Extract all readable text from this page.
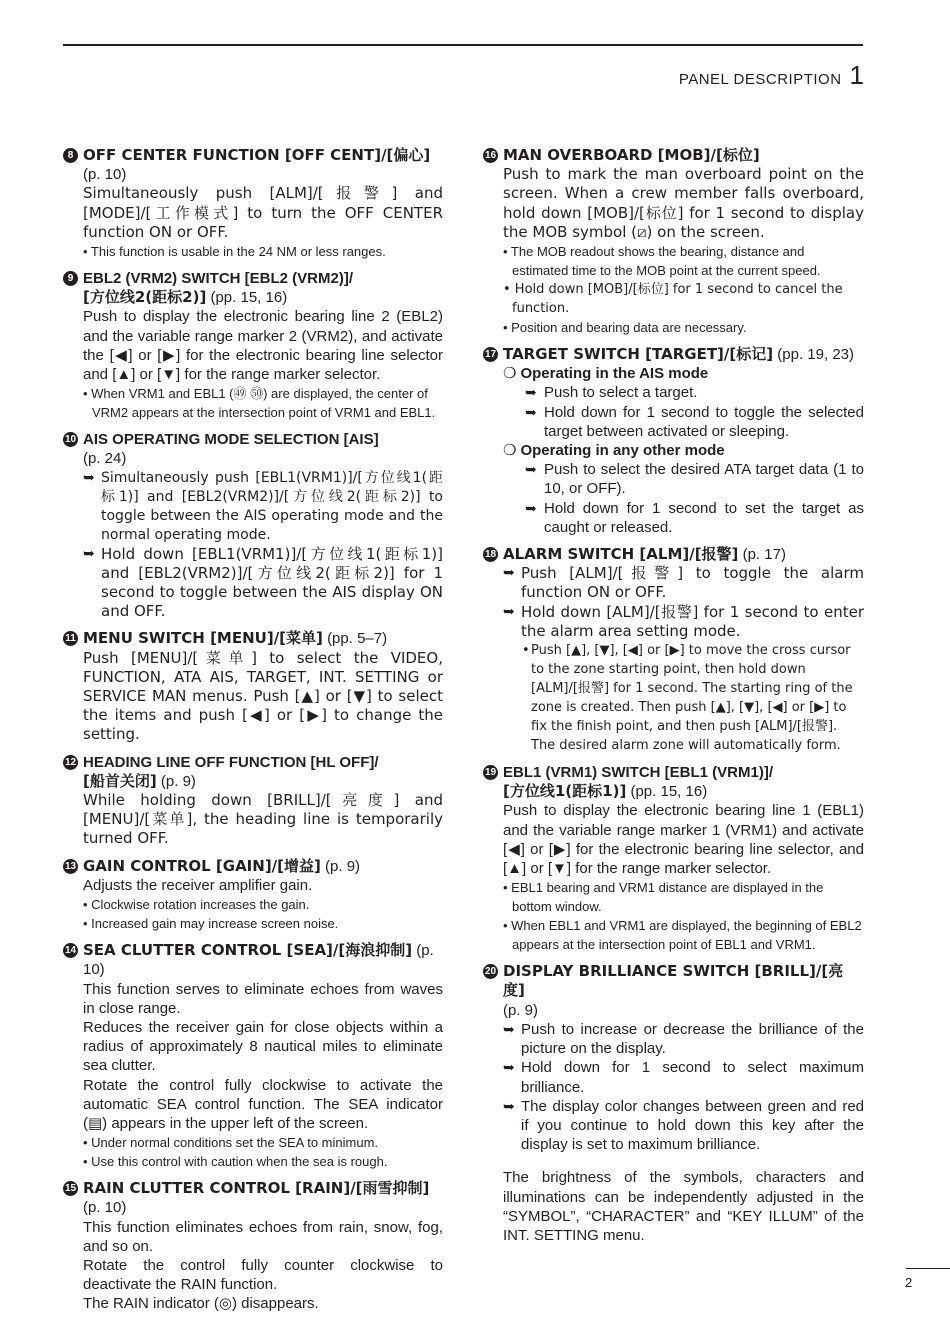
PANEL DESCRIPTION 1
8 OFF CENTER FUNCTION [OFF CENT]/[偏心]
(p. 10)
Simultaneously push [ALM]/[报警] and [MODE]/[工作模式] to turn the OFF CENTER function ON or OFF.
• This function is usable in the 24 NM or less ranges.
9 EBL2 (VRM2) SWITCH [EBL2 (VRM2)]/
[方位线2(距标2)] (pp. 15, 16)
Push to display the electronic bearing line 2 (EBL2) and the variable range marker 2 (VRM2), and activate the [◀] or [▶] for the electronic bearing line selector and [▲] or [▼] for the range marker selector.
• When VRM1 and EBL1 (㊾ ㊿) are displayed, the center of VRM2 appears at the intersection point of VRM1 and EBL1.
10 AIS OPERATING MODE SELECTION [AIS]
(p. 24)
➥ Simultaneously push [EBL1(VRM1)]/[方位线1(距标1)] and [EBL2(VRM2)]/[方位线2(距标2)] to toggle between the AIS operating mode and the normal operating mode.
➥ Hold down [EBL1(VRM1)]/[方位线1(距标1)] and [EBL2(VRM2)]/[方位线2(距标2)] for 1 second to toggle between the AIS display ON and OFF.
11 MENU SWITCH [MENU]/[菜单] (pp. 5–7)
Push [MENU]/[菜单] to select the VIDEO, FUNCTION, ATA AIS, TARGET, INT. SETTING or SERVICE MAN menus. Push [▲] or [▼] to select the items and push [◀] or [▶] to change the setting.
12 HEADING LINE OFF FUNCTION [HL OFF]/
[船首关闭] (p. 9)
While holding down [BRILL]/[亮度] and [MENU]/[菜单], the heading line is temporarily turned OFF.
13 GAIN CONTROL [GAIN]/[增益] (p. 9)
Adjusts the receiver amplifier gain.
• Clockwise rotation increases the gain.
• Increased gain may increase screen noise.
14 SEA CLUTTER CONTROL [SEA]/[海浪抑制] (p. 10)
This function serves to eliminate echoes from waves in close range.
Reduces the receiver gain for close objects within a radius of approximately 8 nautical miles to eliminate sea clutter.
Rotate the control fully clockwise to activate the automatic SEA control function. The SEA indicator (▤) appears in the upper left of the screen.
• Under normal conditions set the SEA to minimum.
• Use this control with caution when the sea is rough.
15 RAIN CLUTTER CONTROL [RAIN]/[雨雪抑制] (p. 10)
This function eliminates echoes from rain, snow, fog, and so on.
Rotate the control fully counter clockwise to deactivate the RAIN function.
The RAIN indicator (◎) disappears.
16 MAN OVERBOARD [MOB]/[标位]
Push to mark the man overboard point on the screen. When a crew member falls overboard, hold down [MOB]/[标位] for 1 second to display the MOB symbol (⧄) on the screen.
• The MOB readout shows the bearing, distance and estimated time to the MOB point at the current speed.
• Hold down [MOB]/[标位] for 1 second to cancel the function.
• Position and bearing data are necessary.
17 TARGET SWITCH [TARGET]/[标记] (pp. 19, 23)
❍ Operating in the AIS mode
➥ Push to select a target.
➥ Hold down for 1 second to toggle the selected target between activated or sleeping.
❍ Operating in any other mode
➥ Push to select the desired ATA target data (1 to 10, or OFF).
➥ Hold down for 1 second to set the target as caught or released.
18 ALARM SWITCH [ALM]/[报警] (p. 17)
➥ Push [ALM]/[报警] to toggle the alarm function ON or OFF.
➥ Hold down [ALM]/[报警] for 1 second to enter the alarm area setting mode.
• Push [▲], [▼], [◀] or [▶] to move the cross cursor to the zone starting point, then hold down [ALM]/[报警] for 1 second. The starting ring of the zone is created. Then push [▲], [▼], [◀] or [▶] to fix the finish point, and then push [ALM]/[报警]. The desired alarm zone will automatically form.
19 EBL1 (VRM1) SWITCH [EBL1 (VRM1)]/
[方位线1(距标1)] (pp. 15, 16)
Push to display the electronic bearing line 1 (EBL1) and the variable range marker 1 (VRM1) and activate [◀] or [▶] for the electronic bearing line selector, and [▲] or [▼] for the range marker selector.
• EBL1 bearing and VRM1 distance are displayed in the bottom window.
• When EBL1 and VRM1 are displayed, the beginning of EBL2 appears at the intersection point of EBL1 and VRM1.
20 DISPLAY BRILLIANCE SWITCH [BRILL]/[亮度]
(p. 9)
➥ Push to increase or decrease the brilliance of the picture on the display.
➥ Hold down for 1 second to select maximum brilliance.
➥ The display color changes between green and red if you continue to hold down this key after the display is set to maximum brilliance.
The brightness of the symbols, characters and illuminations can be independently adjusted in the “SYMBOL”, “CHARACTER” and “KEY ILLUM” of the INT. SETTING menu.
2
